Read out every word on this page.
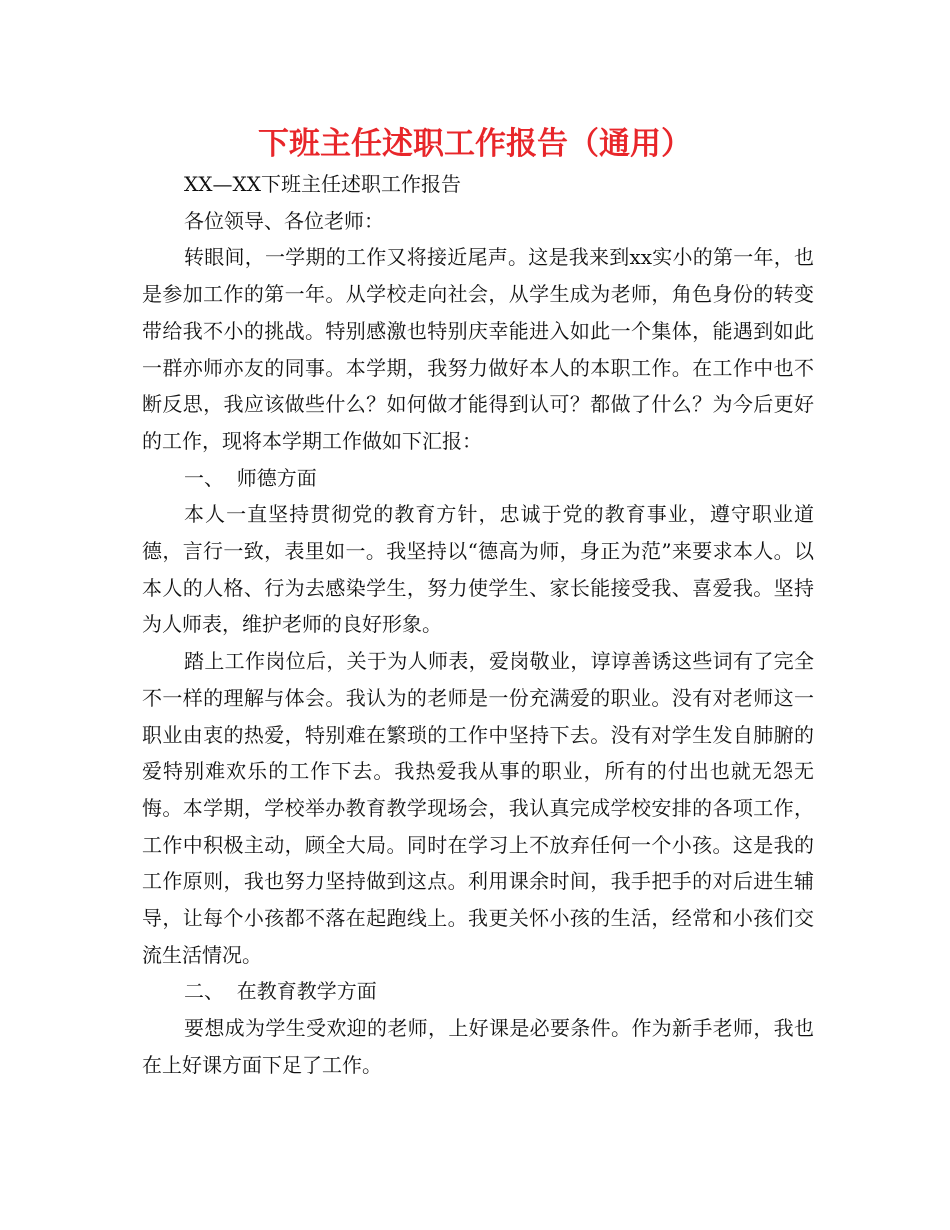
下班主任述职工作报告（通用）

XX—XX下班主任述职工作报告

各位领导、各位老师：

转眼间，一学期的工作又将接近尾声。这是我来到xx实小的第一年，也是参加工作的第一年。从学校走向社会，从学生成为老师，角色身份的转变带给我不小的挑战。特别感激也特别庆幸能进入如此一个集体，能遇到如此一群亦师亦友的同事。本学期，我努力做好本人的本职工作。在工作中也不断反思，我应该做些什么？如何做才能得到认可？都做了什么？为今后更好的工作，现将本学期工作做如下汇报：

一、  师德方面

本人一直坚持贯彻党的教育方针，忠诚于党的教育事业，遵守职业道德，言行一致，表里如一。我坚持以“德高为师，身正为范”来要求本人。以本人的人格、行为去感染学生，努力使学生、家长能接受我、喜爱我。坚持为人师表，维护老师的良好形象。

踏上工作岗位后，关于为人师表，爱岗敬业，谆谆善诱这些词有了完全不一样的理解与体会。我认为的老师是一份充满爱的职业。没有对老师这一职业由衷的热爱，特别难在繁琐的工作中坚持下去。没有对学生发自肺腑的爱特别难欢乐的工作下去。我热爱我从事的职业，所有的付出也就无怨无悔。本学期，学校举办教育教学现场会，我认真完成学校安排的各项工作，工作中积极主动，顾全大局。同时在学习上不放弃任何一个小孩。这是我的工作原则，我也努力坚持做到这点。利用课余时间，我手把手的对后进生辅导，让每个小孩都不落在起跑线上。我更关怀小孩的生活，经常和小孩们交流生活情况。

二、  在教育教学方面

要想成为学生受欢迎的老师，上好课是必要条件。作为新手老师，我也在上好课方面下足了工作。
